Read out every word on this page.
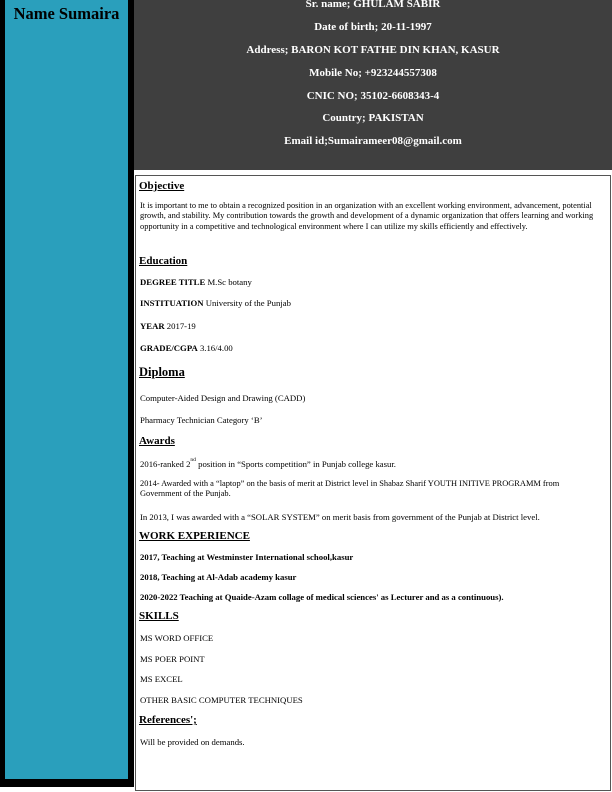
Name Sumaira	Sr. name; GHULAM SABIR
Date of birth; 20-11-1997
Address; BARON KOT FATHE DIN KHAN, KASUR
Mobile No; +923244557308
CNIC NO; 35102-6608343-4
Country; PAKISTAN
Email id;Sumairameer08@gmail.com
Objective
It is important to me to obtain a recognized position in an organization with an excellent working environment, advancement, potential growth, and stability. My contribution towards the growth and development of a dynamic organization that offers learning and working opportunity in a competitive and technological environment where I can utilize my skills efficiently and effectively.
Education
DEGREE TITLE M.Sc botany
INSTITUATION University of the Punjab
YEAR 2017-19
GRADE/CGPA 3.16/4.00
Diploma
Computer-Aided Design and Drawing (CADD)
Pharmacy Technician Category ‘B’
Awards
2016-ranked 2nd position in “Sports competition” in Punjab college kasur.
2014- Awarded with a “laptop” on the basis of merit at District level in Shabaz Sharif YOUTH INITIVE PROGRAMM from Government of the Punjab.
In 2013, I was awarded with a “SOLAR SYSTEM” on merit basis from government of the Punjab at District level.
WORK EXPERIENCE
2017, Teaching at Westminster International school,kasur
2018, Teaching at Al-Adab academy kasur
2020-2022 Teaching at Quaide-Azam collage of medical sciences' as Lecturer and as a continuous).
SKILLS
MS WORD OFFICE
MS POER POINT
MS EXCEL
OTHER BASIC COMPUTER TECHNIQUES
References';
Will be provided on demands.
